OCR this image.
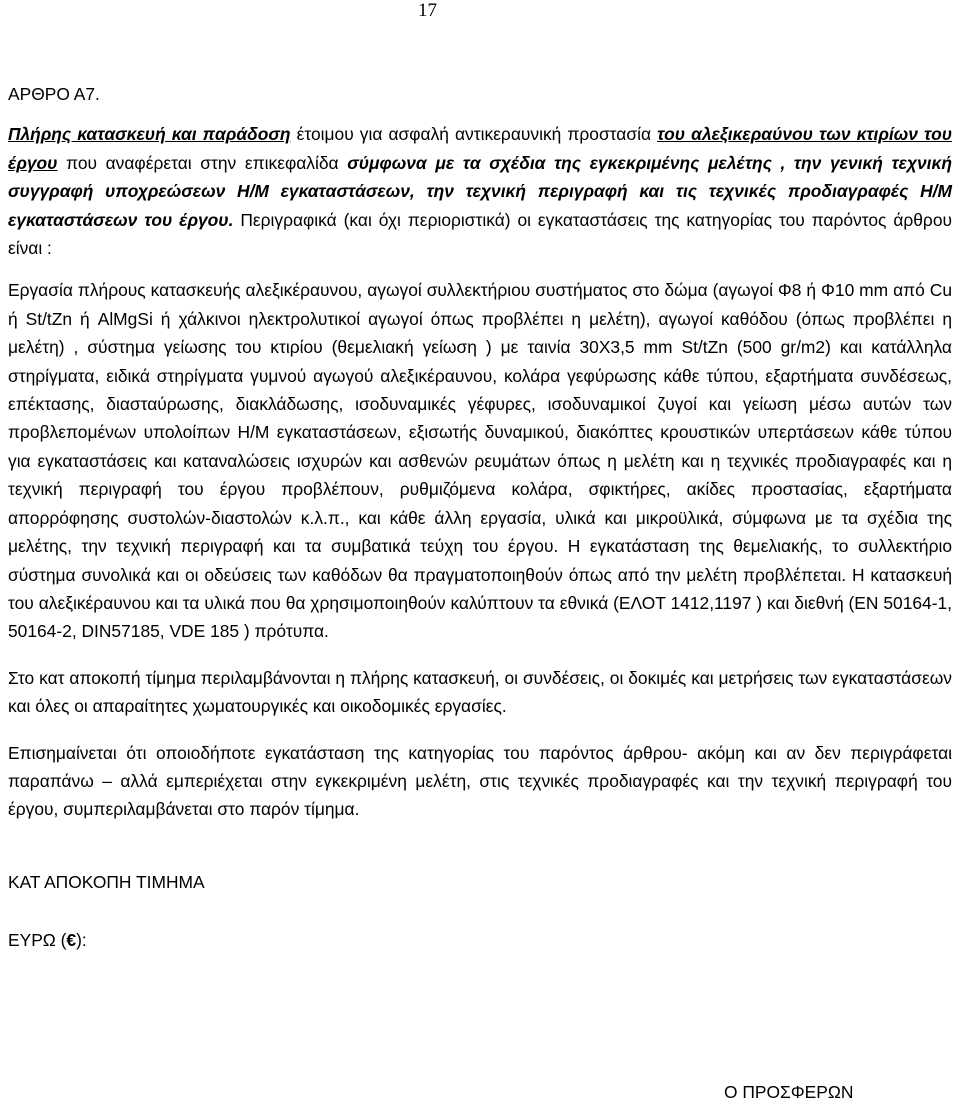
17
ΑΡΘΡΟ Α7.

Πλήρης κατασκευή και παράδοση έτοιμου για ασφαλή αντικεραυνική προστασία του αλεξικεραύνου των κτιρίων του έργου που αναφέρεται στην επικεφαλίδα σύμφωνα με τα σχέδια της εγκεκριμένης μελέτης , την γενική τεχνική συγγραφή υποχρεώσεων Η/Μ εγκαταστάσεων, την τεχνική περιγραφή και τις τεχνικές προδιαγραφές Η/Μ εγκαταστάσεων του έργου. Περιγραφικά (και όχι περιοριστικά) οι εγκαταστάσεις της κατηγορίας του παρόντος άρθρου είναι :

Εργασία πλήρους κατασκευής αλεξικέραυνου, αγωγοί συλλεκτήριου συστήματος στο δώμα (αγωγοί Φ8 ή Φ10 mm από Cu ή St/tZn ή AlMgSi ή χάλκινοι ηλεκτρολυτικοί αγωγοί όπως προβλέπει η μελέτη), αγωγοί καθόδου (όπως προβλέπει η μελέτη) , σύστημα γείωσης του κτιρίου (θεμελιακή γείωση ) με ταινία 30X3,5 mm St/tZn (500 gr/m2) και κατάλληλα στηρίγματα, ειδικά στηρίγματα γυμνού αγωγού αλεξικέραυνου, κολάρα γεφύρωσης κάθε τύπου, εξαρτήματα συνδέσεως, επέκτασης, διασταύρωσης, διακλάδωσης, ισοδυναμικές γέφυρες, ισοδυναμικοί ζυγοί και γείωση μέσω αυτών των προβλεπομένων υπολοίπων Η/Μ εγκαταστάσεων, εξισωτής δυναμικού, διακόπτες κρουστικών υπερτάσεων κάθε τύπου για εγκαταστάσεις και καταναλώσεις ισχυρών και ασθενών ρευμάτων όπως η μελέτη και η τεχνικές προδιαγραφές και η τεχνική περιγραφή του έργου προβλέπουν, ρυθμιζόμενα κολάρα, σφικτήρες, ακίδες προστασίας, εξαρτήματα απορρόφησης συστολών-διαστολών κ.λ.π., και κάθε άλλη εργασία, υλικά και μικροϋλικά, σύμφωνα με τα σχέδια της μελέτης, την τεχνική περιγραφή και τα συμβατικά τεύχη του έργου. Η εγκατάσταση της θεμελιακής, το συλλεκτήριο σύστημα συνολικά και οι οδεύσεις των καθόδων θα πραγματοποιηθούν όπως από την μελέτη προβλέπεται. Η κατασκευή του αλεξικέραυνου και τα υλικά που θα χρησιμοποιηθούν καλύπτουν τα εθνικά (ΕΛΟΤ 1412,1197 ) και διεθνή (EN 50164-1, 50164-2, DIN57185, VDE 185 ) πρότυπα.

Στο κατ αποκοπή τίμημα περιλαμβάνονται η πλήρης κατασκευή, οι συνδέσεις, οι δοκιμές και μετρήσεις των εγκαταστάσεων και όλες οι απαραίτητες χωματουργικές και οικοδομικές εργασίες.

Επισημαίνεται ότι οποιοδήποτε εγκατάσταση της κατηγορίας του παρόντος άρθρου- ακόμη και αν δεν περιγράφεται παραπάνω – αλλά εμπεριέχεται στην εγκεκριμένη μελέτη, στις τεχνικές προδιαγραφές και την τεχνική περιγραφή του έργου, συμπεριλαμβάνεται στο παρόν τίμημα.

ΚΑΤ ΑΠΟΚΟΠΗ ΤΙΜΗΜΑ

ΕΥΡΩ (€):

Ο ΠΡΟΣΦΕΡΩΝ
